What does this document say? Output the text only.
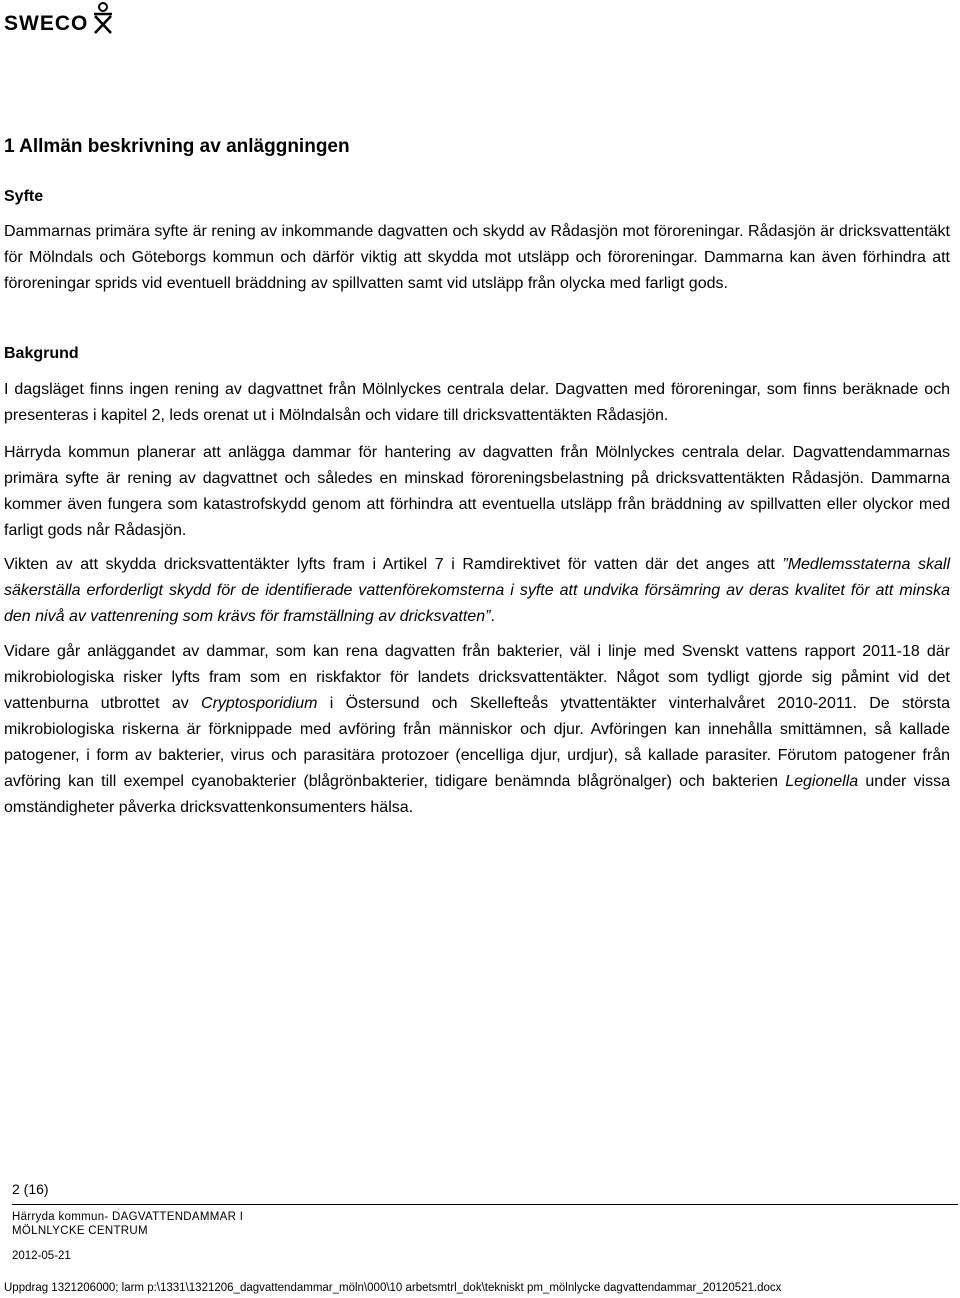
SWECO
1 Allmän beskrivning av anläggningen
Syfte

Dammarnas primära syfte är rening av inkommande dagvatten och skydd av Rådasjön mot föroreningar. Rådasjön är dricksvattentäkt för Mölndals och Göteborgs kommun och därför viktig att skydda mot utsläpp och föroreningar. Dammarna kan även förhindra att föroreningar sprids vid eventuell bräddning av spillvatten samt vid utsläpp från olycka med farligt gods.

Bakgrund

I dagsläget finns ingen rening av dagvattnet från Mölnlyckes centrala delar. Dagvatten med föroreningar, som finns beräknade och presenteras i kapitel 2, leds orenat ut i Mölndalsån och vidare till dricksvattentäkten Rådasjön.

Härryda kommun planerar att anlägga dammar för hantering av dagvatten från Mölnlyckes centrala delar. Dagvattendammarnas primära syfte är rening av dagvattnet och således en minskad föroreningsbelastning på dricksvattentäkten Rådasjön. Dammarna kommer även fungera som katastrofskydd genom att förhindra att eventuella utsläpp från bräddning av spillvatten eller olyckor med farligt gods når Rådasjön.

Vikten av att skydda dricksvattentäkter lyfts fram i Artikel 7 i Ramdirektivet för vatten där det anges att ”Medlemsstaterna skall säkerställa erforderligt skydd för de identifierade vattenförekomsterna i syfte att undvika försämring av deras kvalitet för att minska den nivå av vattenrening som krävs för framställning av dricksvatten”.

Vidare går anläggandet av dammar, som kan rena dagvatten från bakterier, väl i linje med Svenskt vattens rapport 2011-18 där mikrobiologiska risker lyfts fram som en riskfaktor för landets dricksvattentäkter. Något som tydligt gjorde sig påmint vid det vattenburna utbrottet av Cryptosporidium i Östersund och Skellefteås ytvattentäkter vinterhalvåret 2010-2011. De största mikrobiologiska riskerna är förknippade med avföring från människor och djur. Avföringen kan innehålla smittämnen, så kallade patogener, i form av bakterier, virus och parasitära protozoer (encelliga djur, urdjur), så kallade parasiter. Förutom patogener från avföring kan till exempel cyanobakterier (blågrönbakterier, tidigare benämnda blågrönalger) och bakterien Legionella under vissa omständigheter påverka dricksvattenkonsumenters hälsa.

2 (16)
Härryda kommun- DAGVATTENDAMMAR I MÖLNLYCKE CENTRUM
2012-05-21
Uppdrag 1321206000; larm p:\1331\1321206_dagvattendammar_möln\000\10 arbetsmtrl_dok\tekniskt pm_mölnlycke dagvattendammar_20120521.docx
